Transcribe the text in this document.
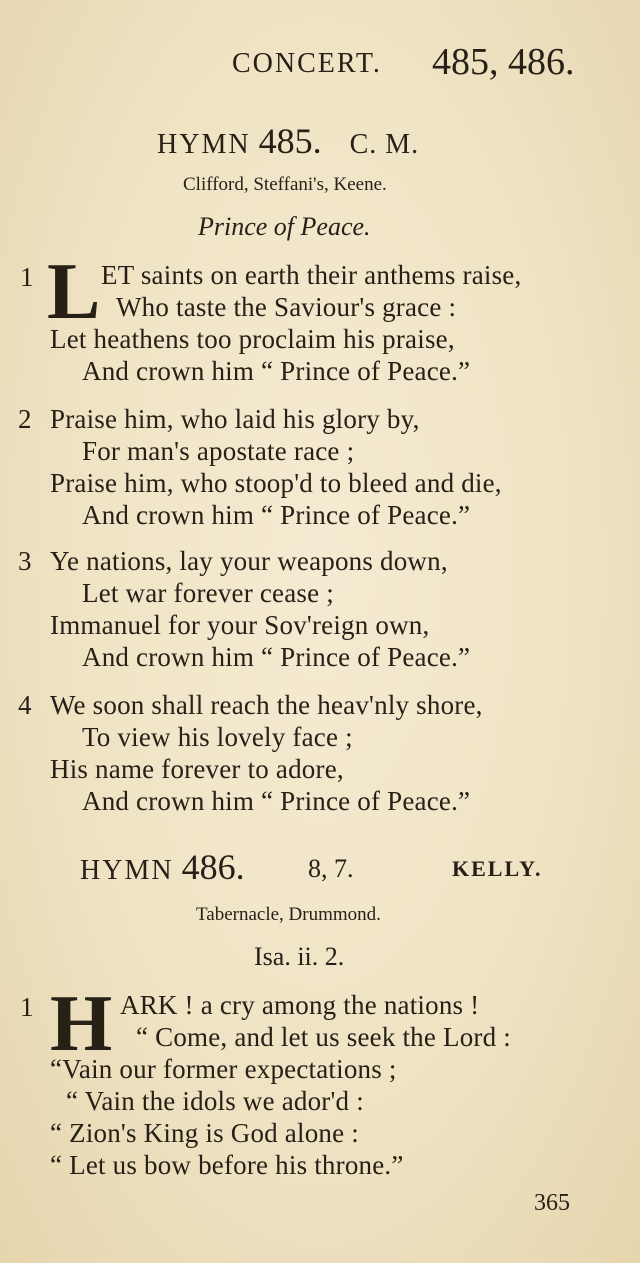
CONCERT. 485, 486.
HYMN 485. C. M.
Clifford, Steffani's, Keene.
Prince of Peace.
1 L ET saints on earth their anthems raise,
Who taste the Saviour's grace :
Let heathens too proclaim his praise,
And crown him “ Prince of Peace.”
2 Praise him, who laid his glory by,
For man's apostate race ;
Praise him, who stoop'd to bleed and die,
And crown him “ Prince of Peace.”
3 Ye nations, lay your weapons down,
Let war forever cease ;
Immanuel for your Sov'reign own,
And crown him “ Prince of Peace.”
4 We soon shall reach the heav'nly shore,
To view his lovely face ;
His name forever to adore,
And crown him “ Prince of Peace.”
HYMN 486. 8, 7.	KELLY.
Tabernacle, Drummond.
Isa. ii. 2.
1 H ARK ! a cry among the nations !
“ Come, and let us seek the Lord :
“Vain our former expectations ;
“ Vain the idols we ador'd :
“ Zion's King is God alone :
“ Let us bow before his throne.”
365
